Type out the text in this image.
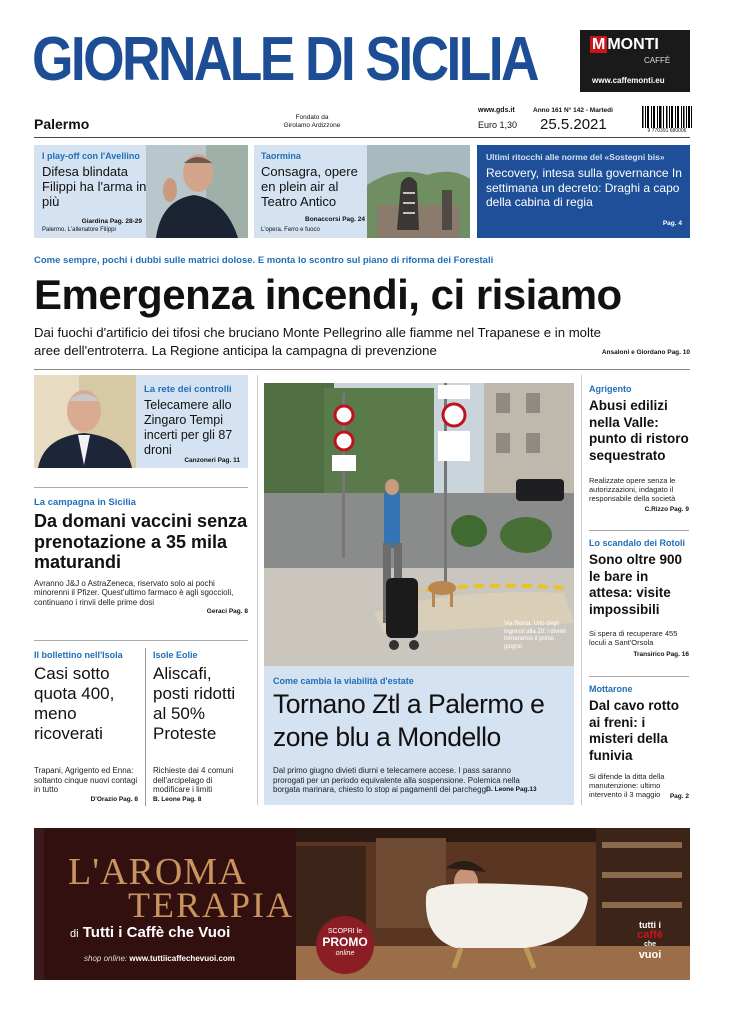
GIORNALE DI SICILIA	M MONTI
CAFFÈ
www.caffemonti.eu
Palermo	Fondato da
Girolamo Ardizzone
www.gds.it
Euro 1,30
Anno 161 N° 142 - Martedì
25.5.2021	9 770391 680006
I play-off con l'Avellino
Difesa blindata Filippi ha l'arma in più
Giardina Pag. 28-29
Palermo. L'allenatore Filippi
Taormina
Consagra, opere en plein air al Teatro Antico
Bonaccorsi Pag. 24
L'opera. Ferro e fuoco
Ultimi ritocchi alle norme del «Sostegni bis»
Recovery, intesa sulla governance In settimana un decreto: Draghi a capo della cabina di regia
Pag. 4
Come sempre, pochi i dubbi sulle matrici dolose. E monta lo scontro sul piano di riforma dei Forestali
Emergenza incendi, ci risiamo
Dai fuochi d'artificio dei tifosi che bruciano Monte Pellegrino alle fiamme nel Trapanese e in molte aree dell'entroterra. La Regione anticipa la campagna di prevenzione	Ansaloni e Giordano Pag. 10
La rete dei controlli
Telecamere allo Zingaro Tempi incerti per gli 87 droni
Canzoneri Pag. 11
La campagna in Sicilia
Da domani vaccini senza prenotazione a 35 mila maturandi
Avranno J&J o AstraZeneca, riservato solo ai pochi minorenni il Pfizer. Quest'ultimo farmaco è agli sgoccioli, continuano i rinvii delle prime dosi
Geraci Pag. 8
Il bollettino nell'Isola
Casi sotto quota 400, meno ricoverati
Trapani, Agrigento ed Enna: soltanto cinque nuovi contagi in tutto
D'Orazio Pag. 8
Isole Eolie
Aliscafi, posti ridotti al 50% Proteste
Richieste dai 4 comuni dell'arcipelago di modificare i limiti
B. Leone Pag. 8
Via Roma. Uno degli ingressi alla Ztl: i divieti torneranno il primo giugno
Come cambia la viabilità d'estate
Tornano Ztl a Palermo e zone blu a Mondello
Dal primo giugno divieti diurni e telecamere accese. I pass saranno prorogati per un periodo equivalente alla sospensione. Polemica nella borgata marinara, chiesto lo stop ai pagamenti dei parcheggi
G. Leone Pag.13
Agrigento
Abusi edilizi nella Valle: punto di ristoro sequestrato
Realizzate opere senza le autorizzazioni, indagato il responsabile della società
C.Rizzo Pag. 9
Lo scandalo dei Rotoli
Sono oltre 900 le bare in attesa: visite impossibili
Si spera di recuperare 455 loculi a Sant'Orsola
Transirico Pag. 16
Mottarone
Dal cavo rotto ai freni: i misteri della funivia
Si difende la ditta della manutenzione: ultimo intervento il 3 maggio	Pag. 2
L'AROMA
TERAPIA
di Tutti i Caffè che Vuoi
shop online: www.tuttiicaffechevuoi.com
SCOPRI le
PROMO
online
tutti i
caffè
che
vuoi
